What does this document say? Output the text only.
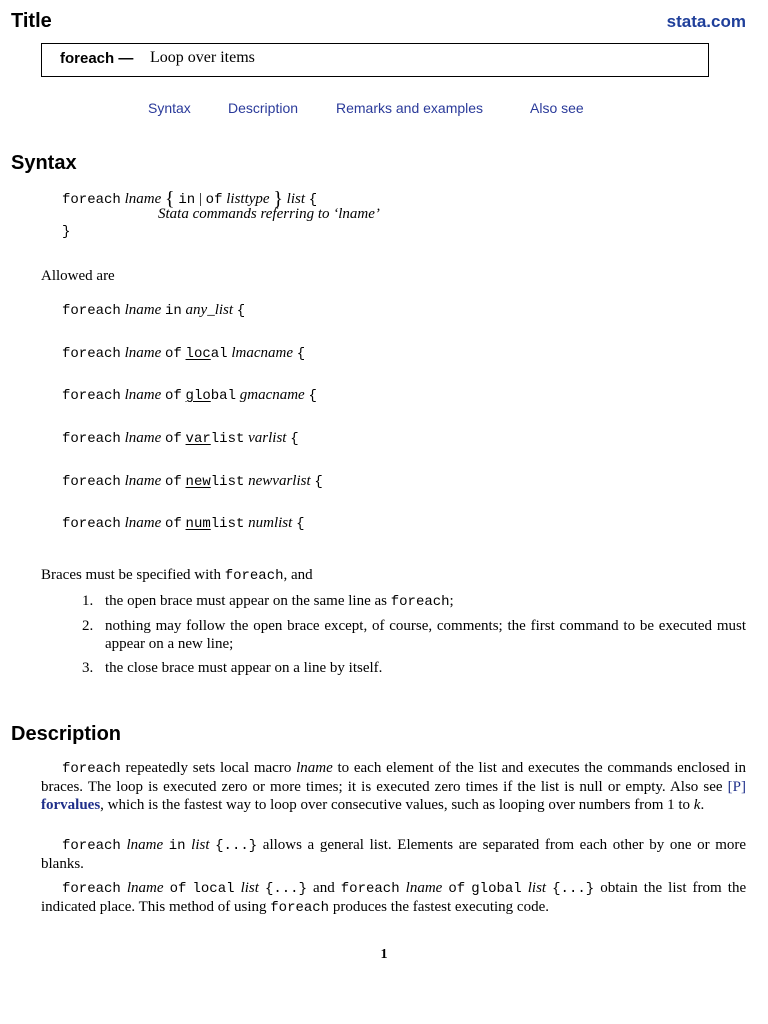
Title	stata.com
foreach — Loop over items
Syntax	Description	Remarks and examples	Also see
Syntax
foreach lname { in | of listtype } list {
Stata commands referring to ‘lname’
}
Allowed are
foreach lname in any_list {
foreach lname of local lmacname {
foreach lname of global gmacname {
foreach lname of varlist varlist {
foreach lname of newlist newvarlist {
foreach lname of numlist numlist {
Braces must be specified with foreach, and
1. the open brace must appear on the same line as foreach;
2. nothing may follow the open brace except, of course, comments; the first command to be executed must appear on a new line;
3. the close brace must appear on a line by itself.
Description
foreach repeatedly sets local macro lname to each element of the list and executes the commands enclosed in braces. The loop is executed zero or more times; it is executed zero times if the list is null or empty. Also see [P] forvalues, which is the fastest way to loop over consecutive values, such as looping over numbers from 1 to k.
foreach lname in list {...} allows a general list. Elements are separated from each other by one or more blanks.
foreach lname of local list {...} and foreach lname of global list {...} obtain the list from the indicated place. This method of using foreach produces the fastest executing code.
1
